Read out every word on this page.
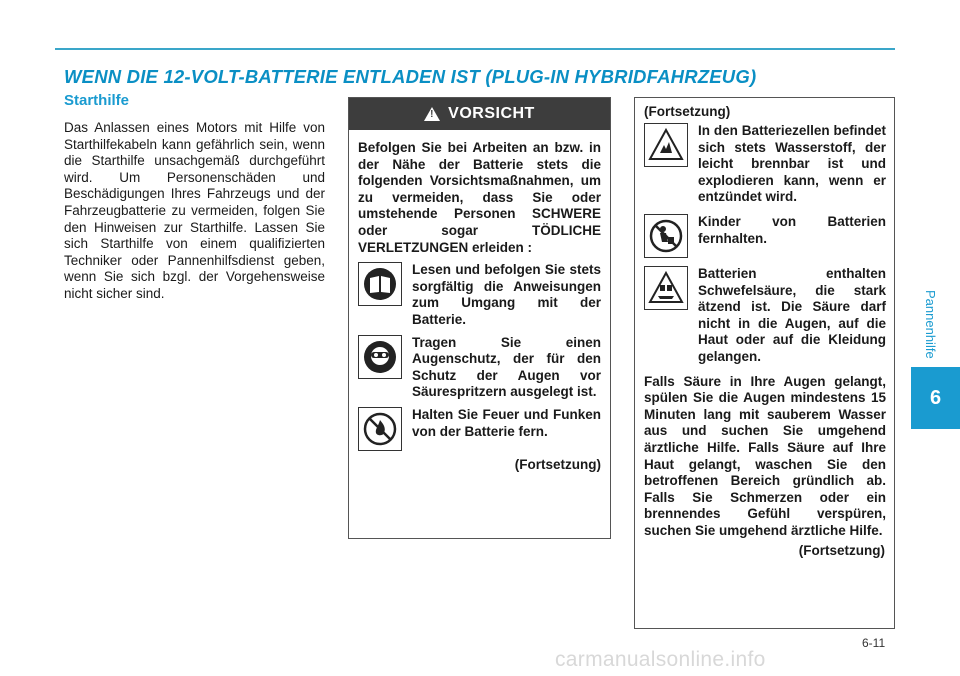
WENN DIE 12-VOLT-BATTERIE ENTLADEN IST (PLUG-IN HYBRIDFAHRZEUG)
Starthilfe

Das Anlassen eines Motors mit Hilfe von Starthilfekabeln kann gefährlich sein, wenn die Starthilfe unsachgemäß durchgeführt wird. Um Personenschäden und Beschädigungen Ihres Fahrzeugs und der Fahrzeugbatterie zu vermeiden, folgen Sie den Hinweisen zur Starthilfe. Lassen Sie sich Starthilfe von einem qualifizierten Techniker oder Pannenhilfsdienst geben, wenn Sie sich bzgl. der Vorgehensweise nicht sicher sind.

!
VORSICHT
Befolgen Sie bei Arbeiten an bzw. in der Nähe der Batterie stets die folgenden Vorsichtsmaßnahmen, um zu vermeiden, dass Sie oder umstehende Personen SCHWERE oder sogar TÖDLICHE VERLETZUNGEN erleiden :
Lesen und befolgen Sie stets sorgfältig die Anweisungen zum Umgang mit der Batterie.
Tragen Sie einen Augenschutz, der für den Schutz der Augen vor Säurespritzern ausgelegt ist.
Halten Sie Feuer und Funken von der Batterie fern.
(Fortsetzung)
(Fortsetzung)
In den Batteriezellen befindet sich stets Wasserstoff, der leicht brennbar ist und explodieren kann, wenn er entzündet wird.
Kinder von Batterien fernhalten.
Batterien enthalten Schwefelsäure, die stark ätzend ist. Die Säure darf nicht in die Augen, auf die Haut oder auf die Kleidung gelangen.
Falls Säure in Ihre Augen gelangt, spülen Sie die Augen mindestens 15 Minuten lang mit sauberem Wasser aus und suchen Sie umgehend ärztliche Hilfe. Falls Säure auf Ihre Haut gelangt, waschen Sie den betroffenen Bereich gründlich ab. Falls Sie Schmerzen oder ein brennendes Gefühl verspüren, suchen Sie umgehend ärztliche Hilfe.
(Fortsetzung)
Pannenhilfe
6
6-11
carmanualsonline.info
